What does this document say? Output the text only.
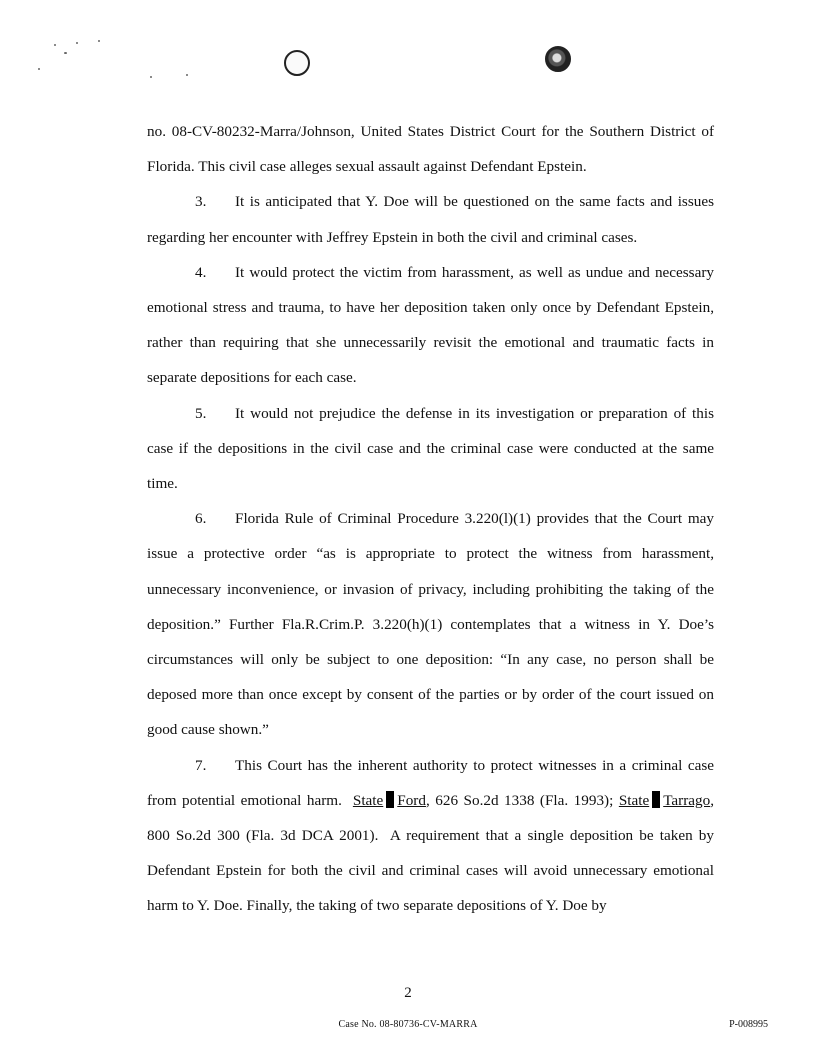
no. 08-CV-80232-Marra/Johnson, United States District Court for the Southern District of Florida. This civil case alleges sexual assault against Defendant Epstein.

3. It is anticipated that Y. Doe will be questioned on the same facts and issues regarding her encounter with Jeffrey Epstein in both the civil and criminal cases.

4. It would protect the victim from harassment, as well as undue and necessary emotional stress and trauma, to have her deposition taken only once by Defendant Epstein, rather than requiring that she unnecessarily revisit the emotional and traumatic facts in separate depositions for each case.

5. It would not prejudice the defense in its investigation or preparation of this case if the depositions in the civil case and the criminal case were conducted at the same time.

6. Florida Rule of Criminal Procedure 3.220(l)(1) provides that the Court may issue a protective order “as is appropriate to protect the witness from harassment, unnecessary inconvenience, or invasion of privacy, including prohibiting the taking of the deposition.” Further Fla.R.Crim.P. 3.220(h)(1) contemplates that a witness in Y. Doe’s circumstances will only be subject to one deposition: “In any case, no person shall be deposed more than once except by consent of the parties or by order of the court issued on good cause shown.”

7. This Court has the inherent authority to protect witnesses in a criminal case from potential emotional harm. State Ford, 626 So.2d 1338 (Fla. 1993); State Tarrago, 800 So.2d 300 (Fla. 3d DCA 2001). A requirement that a single deposition be taken by Defendant Epstein for both the civil and criminal cases will avoid unnecessary emotional harm to Y. Doe. Finally, the taking of two separate depositions of Y. Doe by

2
Case No. 08-80736-CV-MARRA	P-008995
